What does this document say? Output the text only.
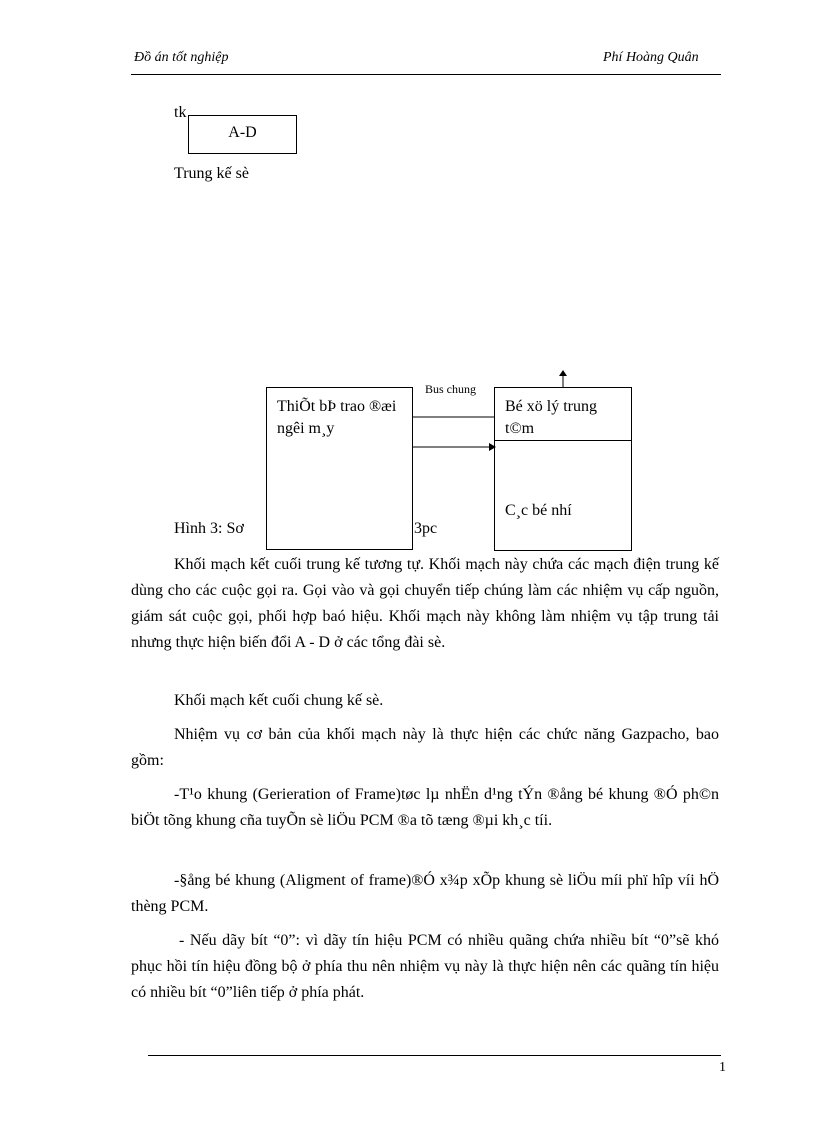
Đồ án tốt nghiệp	Phí Hoàng Quân
tk
A-D
Trung kế sè
Bus chung
Bé xö lý trung t©m
C¸c bé nhí
Hình 3: Sơ	3pc
ThiÕt bÞ trao ®æi ngêi m¸y
Khối mạch kết cuối trung kế tương tự. Khối mạch này chứa các mạch điện trung kế dùng cho các cuộc gọi ra. Gọi vào và gọi chuyển tiếp chúng làm các nhiệm vụ cấp nguồn, giám sát cuộc gọi, phối hợp baó hiệu. Khối mạch này không làm nhiệm vụ tập trung tải nhưng thực hiện biến đổi A - D ở các tổng đài sè.
Khối mạch kết cuối chung kế sè.
Nhiệm vụ cơ bản của khối mạch này là thực hiện các chức năng Gazpacho, bao gồm:
-T¹o khung (Gerieration of Frame)tøc lµ nhËn d¹ng tÝn ®ång bé khung ®Ó ph©n biÖt tõng khung cña tuyÕn sè liÖu PCM ®a tõ tæng ®µi kh¸c tíi.
-§ång bé khung (Aligment of frame)®Ó x¾p xÕp khung sè liÖu míi phï hîp víi hÖ thèng PCM.
- Nếu dãy bít “0”: vì dãy tín hiệu PCM có nhiều quãng chứa nhiều bít “0”sẽ khó phục hồi tín hiệu đồng bộ ở phía thu nên nhiệm vụ này là thực hiện nên các quãng tín hiệu có nhiều bít “0”liên tiếp ở phía phát.
1
